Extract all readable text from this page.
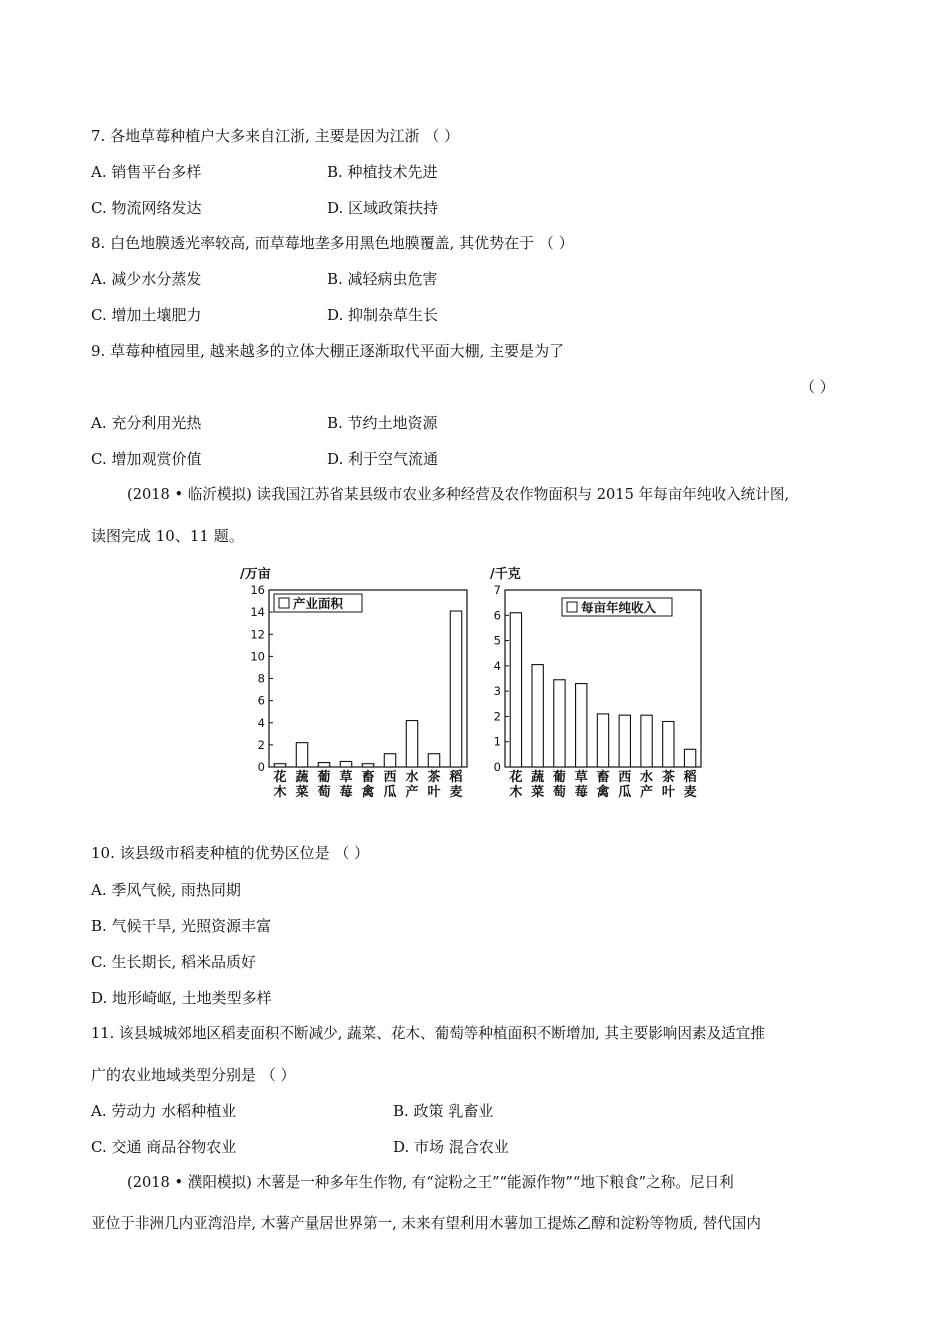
7. 各地草莓种植户大多来自江浙, 主要是因为江浙 （ ）
A. 销售平台多样	B. 种植技术先进
C. 物流网络发达	D. 区域政策扶持
8. 白色地膜透光率较高, 而草莓地垄多用黑色地膜覆盖, 其优势在于 （ ）
A. 减少水分蒸发	B. 减轻病虫危害
C. 增加土壤肥力	D. 抑制杂草生长
9. 草莓种植园里, 越来越多的立体大棚正逐渐取代平面大棚, 主要是为了
（ ）
A. 充分利用光热	B. 节约土地资源
C. 增加观赏价值	D. 利于空气流通
(2018 • 临沂模拟) 读我国江苏省某县级市农业多种经营及农作物面积与 2015 年每亩年纯收入统计图,
读图完成 10、11 题。
/万亩
0
2
4
6
8
10
12
14
16
产业面积
花木
蔬菜
葡萄
草莓
畜禽
西瓜
水产
茶叶
稻麦
/千克
0
1
2
3
4
5
6
7
每亩年纯收入
花木
蔬菜
葡萄
草莓
畜禽
西瓜
水产
茶叶
稻麦
10. 该县级市稻麦种植的优势区位是 （ ）
A. 季风气候, 雨热同期
B. 气候干旱, 光照资源丰富
C. 生长期长, 稻米品质好
D. 地形崎岖, 土地类型多样
11. 该县城城郊地区稻麦面积不断减少, 蔬菜、花木、葡萄等种植面积不断增加, 其主要影响因素及适宜推
广的农业地域类型分别是 （ ）
A. 劳动力 水稻种植业	B. 政策 乳畜业
C. 交通 商品谷物农业	D. 市场 混合农业
(2018 • 濮阳模拟) 木薯是一种多年生作物, 有“淀粉之王”“能源作物”“地下粮食”之称。尼日利
亚位于非洲几内亚湾沿岸, 木薯产量居世界第一, 未来有望利用木薯加工提炼乙醇和淀粉等物质, 替代国内
